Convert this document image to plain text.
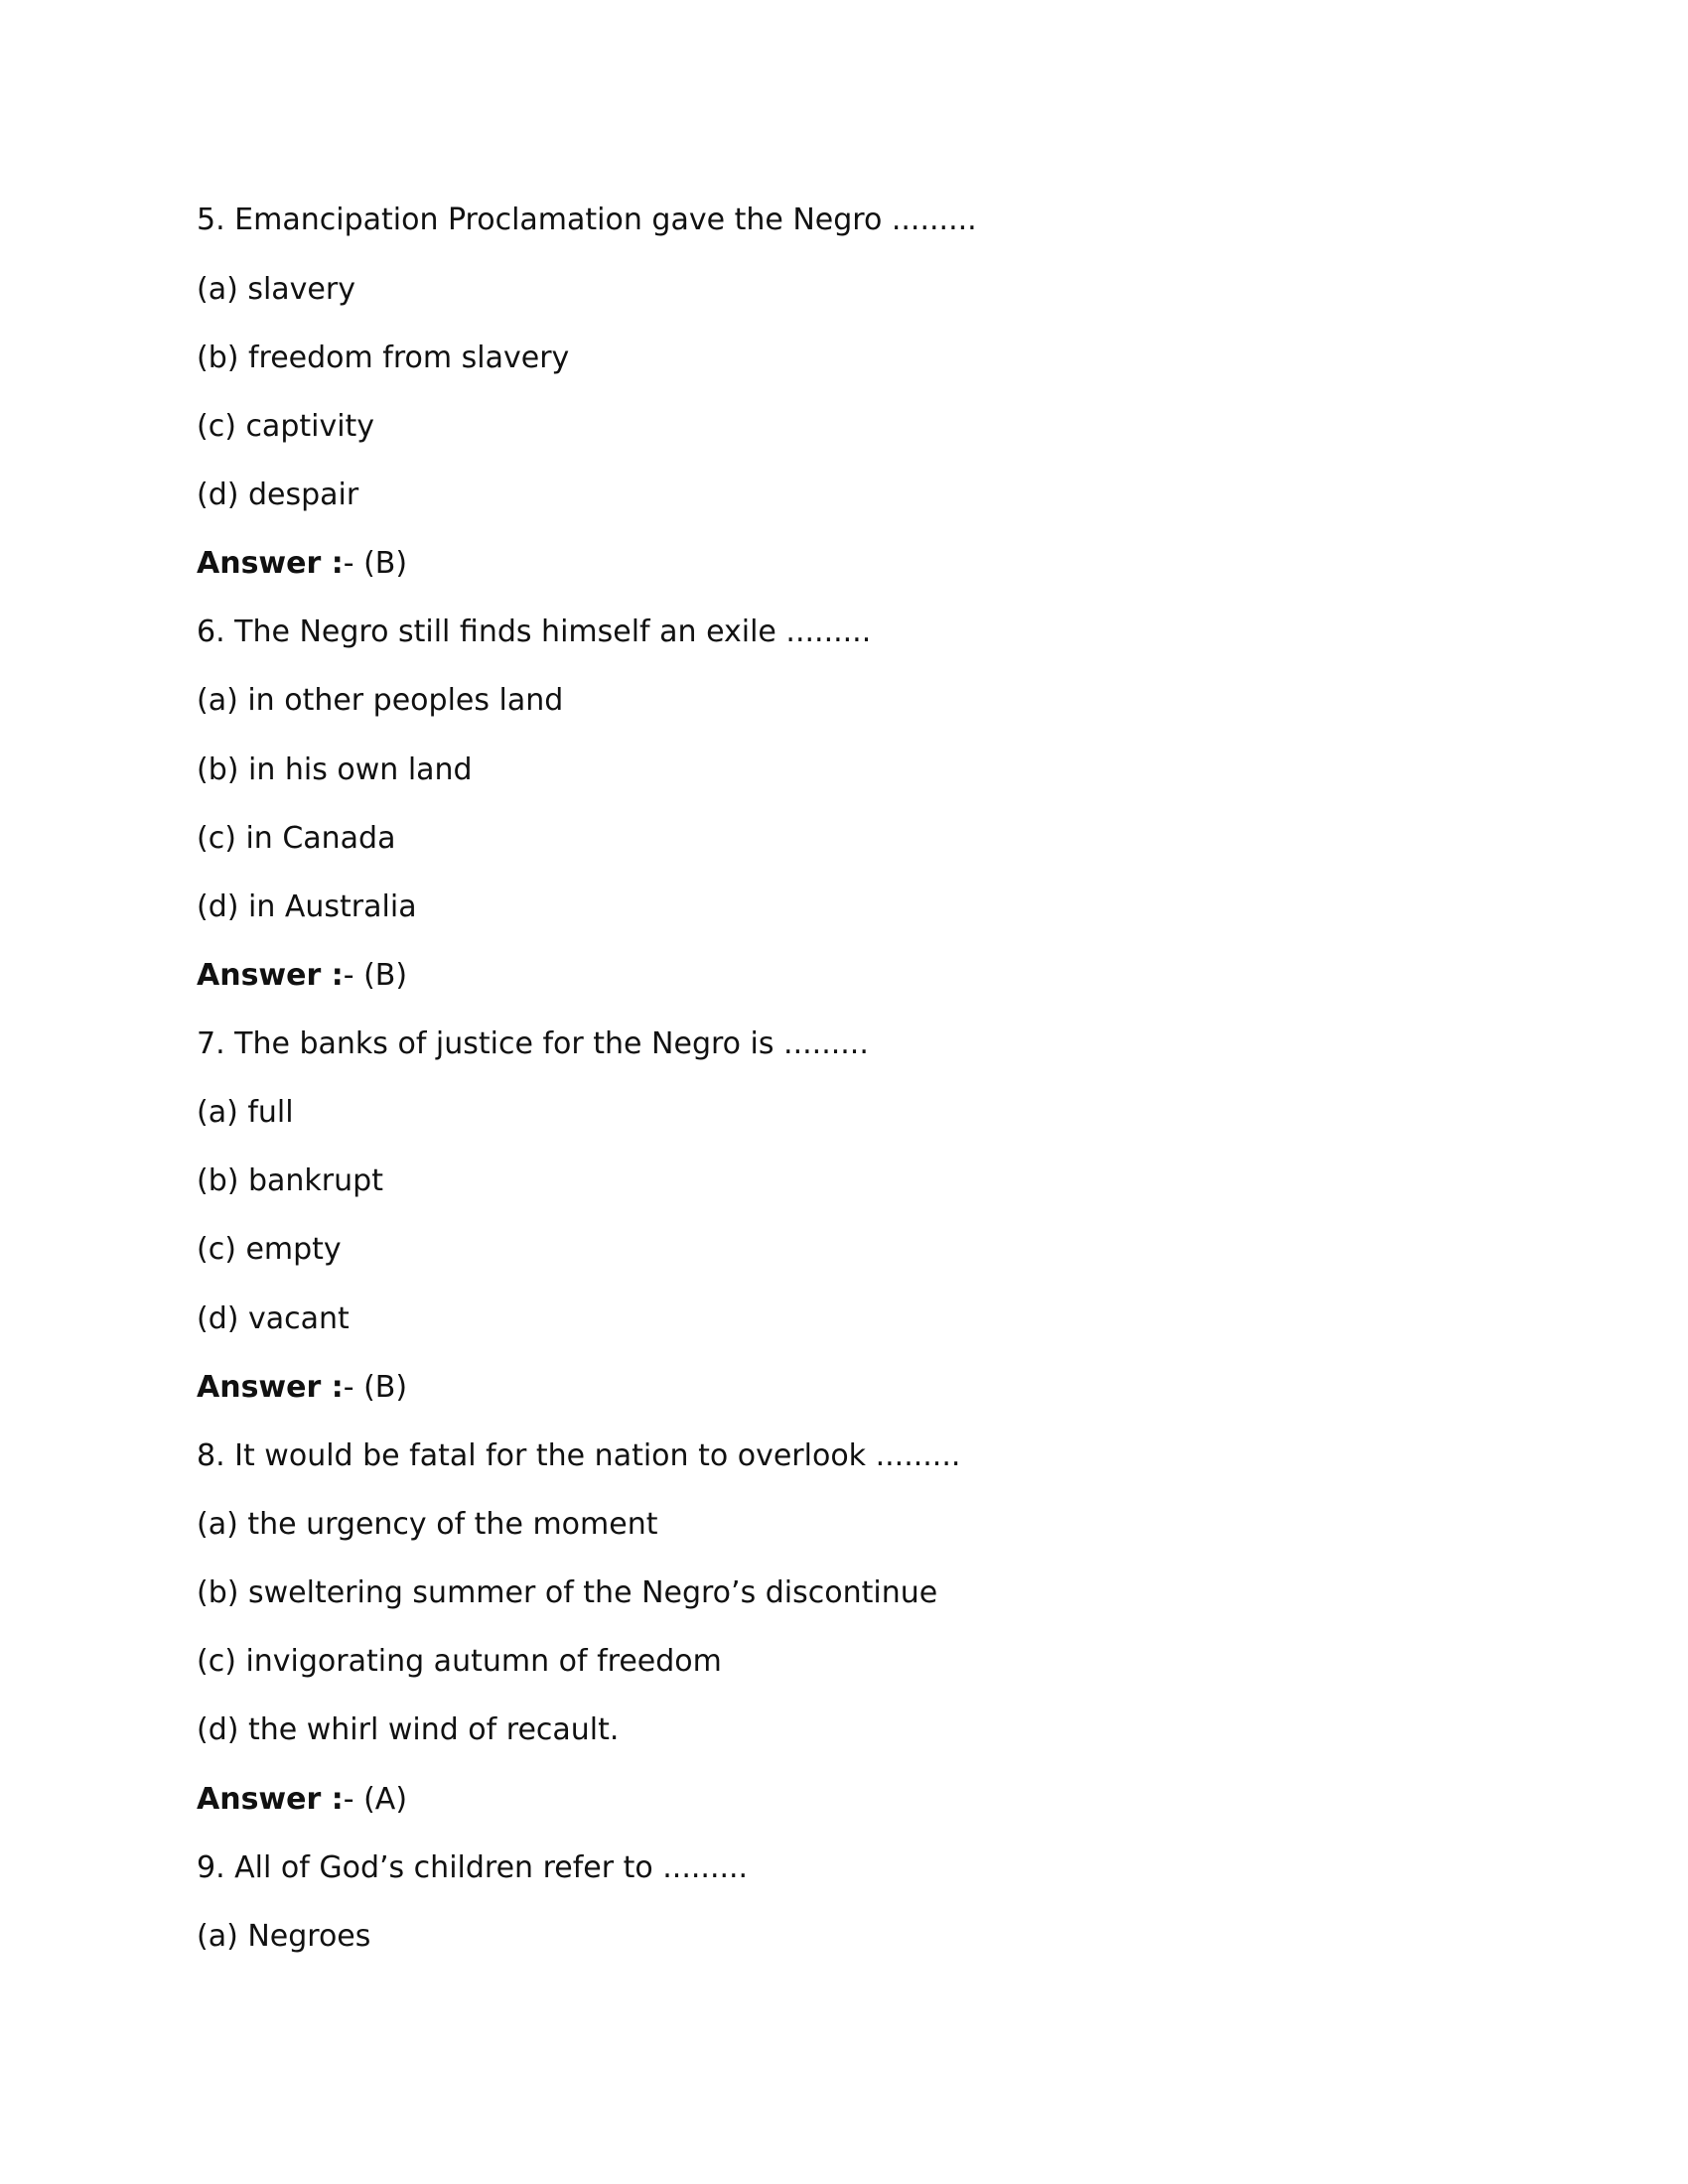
5. Emancipation Proclamation gave the Negro .........
(a) slavery
(b) freedom from slavery
(c) captivity
(d) despair
Answer :- (B)
6. The Negro still finds himself an exile .........
(a) in other peoples land
(b) in his own land
(c) in Canada
(d) in Australia
Answer :- (B)
7. The banks of justice for the Negro is .........
(a) full
(b) bankrupt
(c) empty
(d) vacant
Answer :- (B)
8. It would be fatal for the nation to overlook .........
(a) the urgency of the moment
(b) sweltering summer of the Negro’s discontinue
(c) invigorating autumn of freedom
(d) the whirl wind of recault.
Answer :- (A)
9. All of God’s children refer to .........
(a) Negroes
